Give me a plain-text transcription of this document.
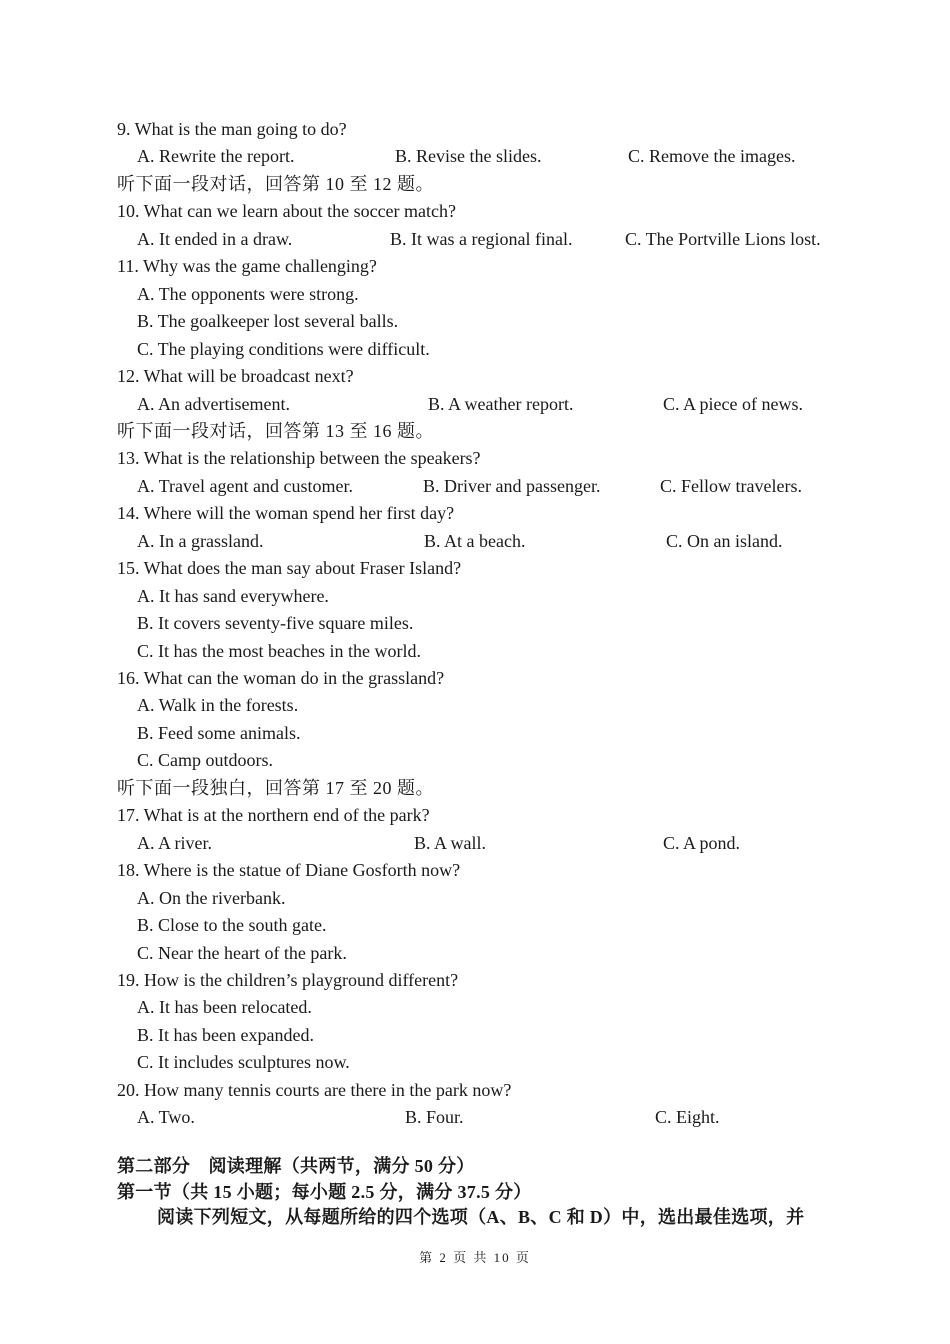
9. What is the man going to do?
A. Rewrite the report.	B. Revise the slides.	C. Remove the images.
听下面一段对话，回答第 10 至 12 题。
10. What can we learn about the soccer match?
A. It ended in a draw.	B. It was a regional final.	C. The Portville Lions lost.
11. Why was the game challenging?
A. The opponents were strong.
B. The goalkeeper lost several balls.
C. The playing conditions were difficult.
12. What will be broadcast next?
A. An advertisement.	B. A weather report.	C. A piece of news.
听下面一段对话，回答第 13 至 16 题。
13. What is the relationship between the speakers?
A. Travel agent and customer.	B. Driver and passenger.	C. Fellow travelers.
14. Where will the woman spend her first day?
A. In a grassland.	B. At a beach.	C. On an island.
15. What does the man say about Fraser Island?
A. It has sand everywhere.
B. It covers seventy-five square miles.
C. It has the most beaches in the world.
16. What can the woman do in the grassland?
A. Walk in the forests.
B. Feed some animals.
C. Camp outdoors.
听下面一段独白，回答第 17 至 20 题。
17. What is at the northern end of the park?
A. A river.	B. A wall.	C. A pond.
18. Where is the statue of Diane Gosforth now?
A. On the riverbank.
B. Close to the south gate.
C. Near the heart of the park.
19. How is the children’s playground different?
A. It has been relocated.
B. It has been expanded.
C. It includes sculptures now.
20. How many tennis courts are there in the park now?
A. Two.	B. Four.	C. Eight.
第二部分　阅读理解（共两节，满分 50 分）
第一节（共 15 小题；每小题 2.5 分，满分 37.5 分）
阅读下列短文，从每题所给的四个选项（A、B、C 和 D）中，选出最佳选项，并
第 2 页 共 10 页
